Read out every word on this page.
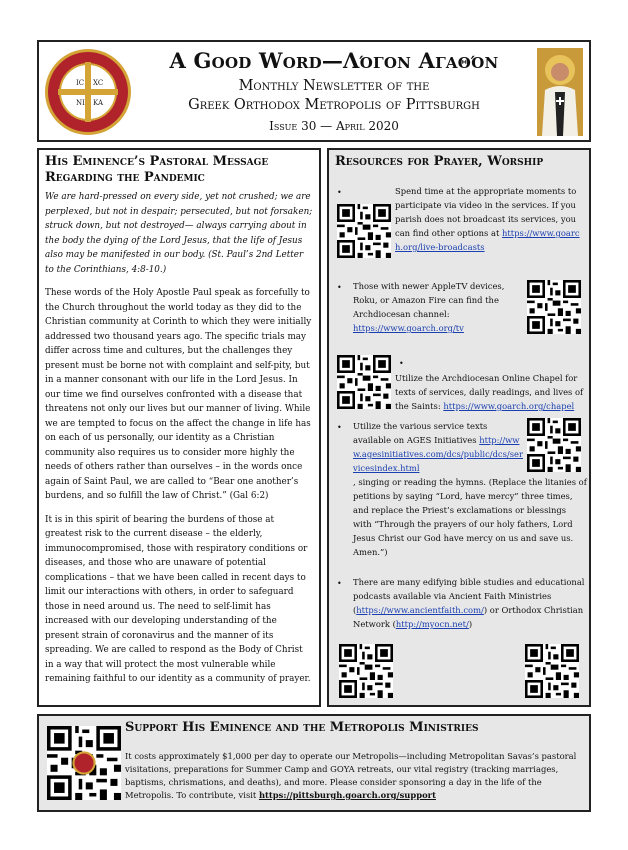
IC XC
NI KA
A Good Word—Λόγον Αγαθόν
Monthly Newsletter of the
Greek Orthodox Metropolis of Pittsburgh
Issue 30 — April 2020
His Eminence’s Pastoral Message
Regarding the Pandemic

We are hard-pressed on every side, yet not crushed; we are perplexed, but not in despair; persecuted, but not forsaken; struck down, but not destroyed— always carrying about in the body the dying of the Lord Jesus, that the life of Jesus also may be manifested in our body. (St. Paul’s 2nd Letter to the Corinthians, 4:8-10.)

These words of the Holy Apostle Paul speak as forcefully to the Church throughout the world today as they did to the Christian community at Corinth to which they were initially addressed two thousand years ago. The specific trials may differ across time and cultures, but the challenges they present must be borne not with complaint and self-pity, but in a manner consonant with our life in the Lord Jesus. In our time we find ourselves confronted with a disease that threatens not only our lives but our manner of living. While we are tempted to focus on the affect the change in life has on each of us personally, our identity as a Christian community also requires us to consider more highly the needs of others rather than ourselves – in the words once again of Saint Paul, we are called to “Bear one another’s burdens, and so fulfill the law of Christ.” (Gal 6:2)

It is in this spirit of bearing the burdens of those at greatest risk to the current disease – the elderly, immunocompromised, those with respiratory conditions or diseases, and those who are unaware of potential complications – that we have been called in recent days to limit our interactions with others, in order to safeguard those in need around us. The need to self-limit has increased with our developing understanding of the present strain of coronavirus and the manner of its spreading. We are called to respond as the Body of Christ in a way that will protect the most vulnerable while remaining faithful to our identity as a community of prayer.

Resources for Prayer, Worship
•	Spend time at the appropriate moments to participate via video in the services. If you parish does not broadcast its services, you can find other options at https://www.goarch.org/live-broadcasts
• Those with newer AppleTV devices, Roku, or Amazon Fire can find the Archdiocesan channel: https://www.goarch.org/tv
•
Utilize the Archdiocesan Online Chapel for texts of services, daily readings, and lives of the Saints: https://www.goarch.org/chapel
• Utilize the various service texts available on AGES Initiatives http://www.agesinitiatives.com/dcs/public/dcs/servicesindex.html
, singing or reading the hymns. (Replace the litanies of petitions by saying “Lord, have mercy” three times, and replace the Priest’s exclamations or blessings with “Through the prayers of our holy fathers, Lord Jesus Christ our God have mercy on us and save us. Amen.”)
• There are many edifying bible studies and educational podcasts available via Ancient Faith Ministries (https://www.ancientfaith.com/) or Orthodox Christian Network (http://myocn.net/)
Support His Eminence and the Metropolis Ministries
It costs approximately $1,000 per day to operate our Metropolis—including Metropolitan Savas’s pastoral visitations, preparations for Summer Camp and GOYA retreats, our vital registry (tracking marriages, baptisms, chrismations, and deaths), and more. Please consider sponsoring a day in the life of the Metropolis. To contribute, visit https://pittsburgh.goarch.org/support
